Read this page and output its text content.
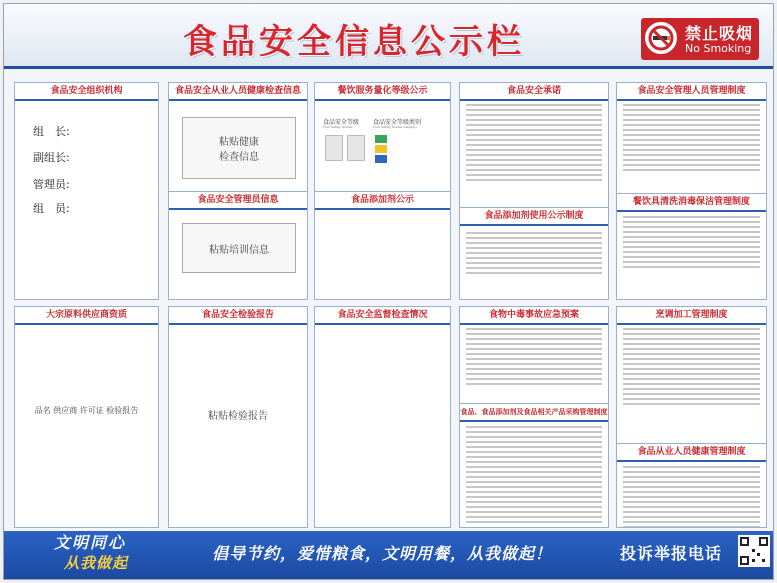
食品安全信息公示栏	禁止吸烟
No Smoking
食品安全组织机构
组　长:
副组长:
管理员:
组　员:
食品安全从业人员健康检查信息
粘贴健康
检查信息
食品安全管理员信息
粘贴培训信息
餐饮服务量化等级公示
食品安全等级 食品安全等级类别
Food Safety Grades	Food Safety Grades Category
食品添加剂公示
食品安全承诺
食品添加剂使用公示制度
食品安全管理人员管理制度
餐饮具清洗消毒保洁管理制度
大宗原料供应商资质
品名 供应商 许可证 检验报告
食品安全检验报告
粘贴检验报告
食品安全监督检查情况	食物中毒事故应急预案
食品、食品添加剂及食品相关产品采购管理制度
烹调加工管理制度
食品从业人员健康管理制度
文明同心
从我做起	倡导节约，爱惜粮食，文明用餐，从我做起！	投诉举报电话
